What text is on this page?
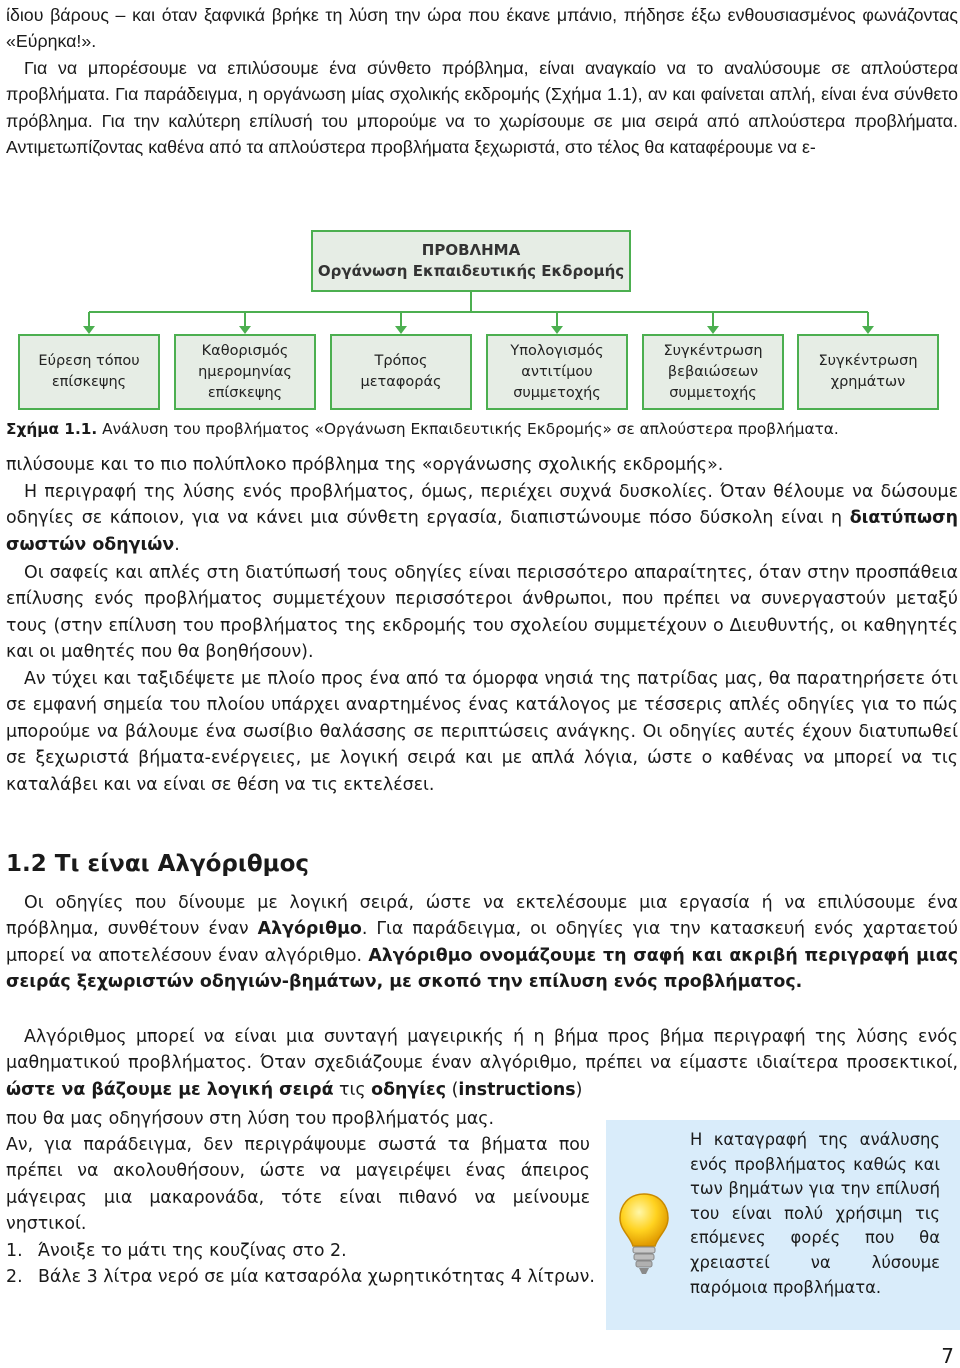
ίδιου βάρους – και όταν ξαφνικά βρήκε τη λύση την ώρα που έκανε μπάνιο, πήδησε έξω ενθουσιασμένος φωνάζοντας «Εύρηκα!».

Για να μπορέσουμε να επιλύσουμε ένα σύνθετο πρόβλημα, είναι αναγκαίο να το αναλύσουμε σε απλούστερα προβλήματα. Για παράδειγμα, η οργάνωση μίας σχολικής εκδρομής (Σχήμα 1.1), αν και φαίνεται απλή, είναι ένα σύνθετο πρόβλημα. Για την καλύτερη επίλυσή του μπορούμε να το χωρίσουμε σε μια σειρά από απλούστερα προβλήματα. Αντιμετωπίζοντας καθένα από τα απλούστερα προβλήματα ξεχωριστά, στο τέλος θα καταφέρουμε να ε-

ΠΡΟΒΛΗΜΑ
Οργάνωση Εκπαιδευτικής Εκδρομής
Εύρεση τόπου
επίσκεψης
Καθορισμός
ημερομηνίας
επίσκεψης
Τρόπος
μεταφοράς
Υπολογισμός
αντιτίμου
συμμετοχής
Συγκέντρωση
βεβαιώσεων
συμμετοχής
Συγκέντρωση
χρημάτων
Σχήμα 1.1. Ανάλυση του προβλήματος «Οργάνωση Εκπαιδευτικής Εκδρομής» σε απλούστερα προβλήματα.

πιλύσουμε και το πιο πολύπλοκο πρόβλημα της «οργάνωσης σχολικής εκδρομής».

Η περιγραφή της λύσης ενός προβλήματος, όμως, περιέχει συχνά δυσκολίες. Όταν θέλουμε να δώσουμε οδηγίες σε κάποιον, για να κάνει μια σύνθετη εργασία, διαπιστώνουμε πόσο δύσκολη είναι η διατύπωση σωστών οδηγιών.

Οι σαφείς και απλές στη διατύπωσή τους οδηγίες είναι περισσότερο απαραίτητες, όταν στην προσπάθεια επίλυσης ενός προβλήματος συμμετέχουν περισσότεροι άνθρωποι, που πρέπει να συνεργαστούν μεταξύ τους (στην επίλυση του προβλήματος της εκδρομής του σχολείου συμμετέχουν ο Διευθυντής, οι καθηγητές και οι μαθητές που θα βοηθήσουν).

Αν τύχει και ταξιδέψετε με πλοίο προς ένα από τα όμορφα νησιά της πατρίδας μας, θα παρατηρήσετε ότι σε εμφανή σημεία του πλοίου υπάρχει αναρτημένος ένας κατάλογος με τέσσερις απλές οδηγίες για το πώς μπορούμε να βάλουμε ένα σωσίβιο θαλάσσης σε περιπτώσεις ανάγκης. Οι οδηγίες αυτές έχουν διατυπωθεί σε ξεχωριστά βήματα-ενέργειες, με λογική σειρά και με απλά λόγια, ώστε ο καθένας να μπορεί να τις καταλάβει και να είναι σε θέση να τις εκτελέσει.

1.2 Τι είναι Αλγόριθμος

Οι οδηγίες που δίνουμε με λογική σειρά, ώστε να εκτελέσουμε μια εργασία ή να επιλύσουμε ένα πρόβλημα, συνθέτουν έναν Αλγόριθμο. Για παράδειγμα, οι οδηγίες για την κατασκευή ενός χαρταετού μπορεί να αποτελέσουν έναν αλγόριθμο. Αλγόριθμο ονομάζουμε τη σαφή και ακριβή περιγραφή μιας σειράς ξεχωριστών οδηγιών-βημάτων, με σκοπό την επίλυση ενός προβλήματος.

Αλγόριθμος μπορεί να είναι μια συνταγή μαγειρικής ή η βήμα προς βήμα περιγραφή της λύσης ενός μαθηματικού προβλήματος. Όταν σχεδιάζουμε έναν αλγόριθμο, πρέπει να είμαστε ιδιαίτερα προσεκτικοί, ώστε να βάζουμε με λογική σειρά τις οδηγίες (instructions)

που θα μας οδηγήσουν στη λύση του προβλήματός μας.

Αν, για παράδειγμα, δεν περιγράψουμε σωστά τα βήματα που πρέπει να ακολουθήσουν, ώστε να μαγειρέψει ένας άπειρος μάγειρας μια μακαρονάδα, τότε είναι πιθανό να μείνουμε νηστικοί.

1. Άνοιξε το μάτι της κουζίνας στο 2.
2. Βάλε 3 λίτρα νερό σε μία κατσαρόλα χωρητικότητας 4 λίτρων.
Η καταγραφή της ανάλυσης ενός προβλήματος καθώς και των βημάτων για την επίλυσή του είναι πολύ χρήσιμη τις επόμενες φορές που θα χρειαστεί να λύσουμε παρόμοια προβλήματα.
7
